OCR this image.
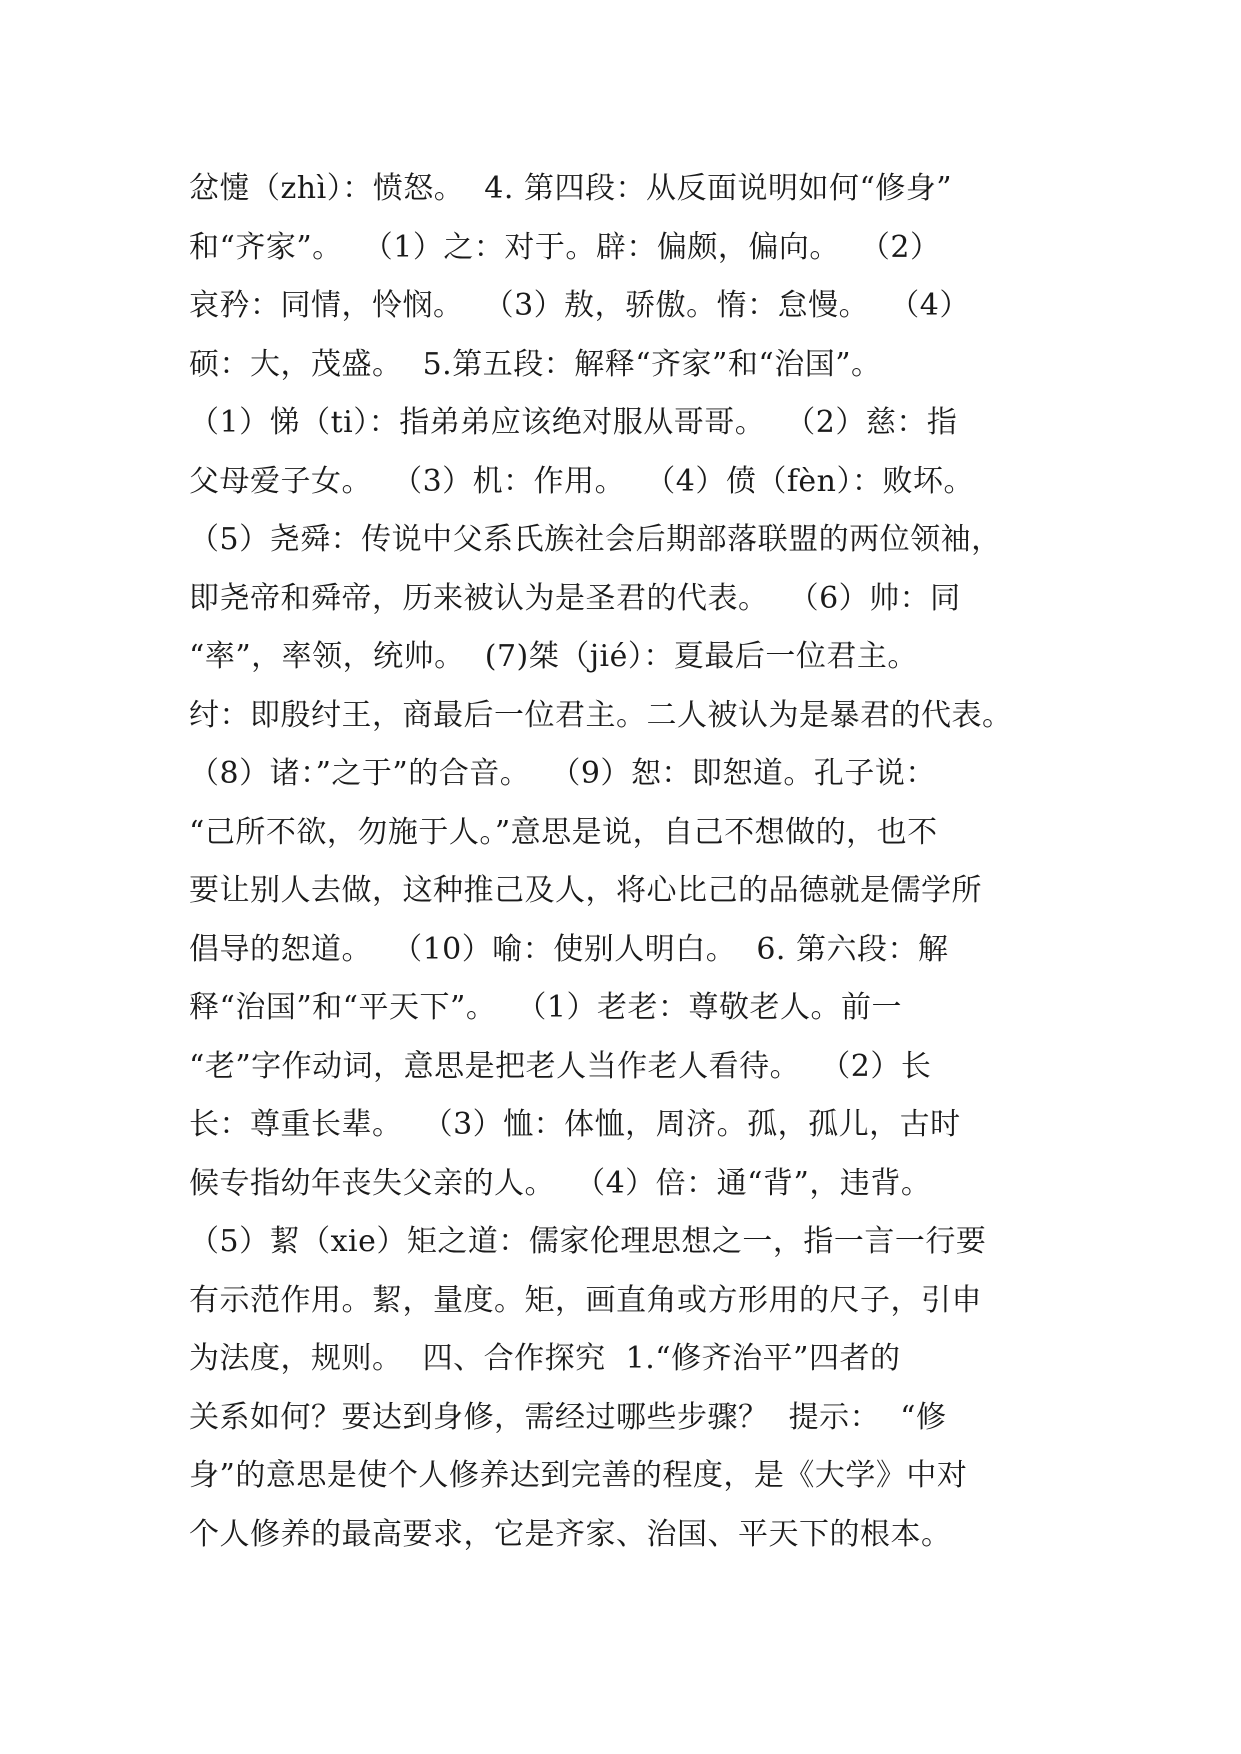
忿懥（zhì）：愤怒。  4. 第四段：从反面说明如何“修身”
和“齐家”。  （1）之：对于。辟：偏颇，偏向。  （2）
哀矜：同情，怜悯。  （3）敖，骄傲。惰：怠慢。  （4）
硕：大，茂盛。  5.第五段：解释“齐家”和“治国”。
（1）悌（ti）：指弟弟应该绝对服从哥哥。  （2）慈：指
父母爱子女。  （3）机：作用。  （4）偾（fèn）：败坏。
（5）尧舜：传说中父系氏族社会后期部落联盟的两位领袖，
即尧帝和舜帝，历来被认为是圣君的代表。  （6）帅：同
“率”，率领，统帅。  (7)桀（jié）：夏最后一位君主。
纣：即殷纣王，商最后一位君主。二人被认为是暴君的代表。
（8）诸：”之于”的合音。  （9）恕：即恕道。孔子说：
“己所不欲，勿施于人。”意思是说，自己不想做的，也不
要让别人去做，这种推己及人，将心比己的品德就是儒学所
倡导的恕道。  （10）喻：使别人明白。  6. 第六段：解
释“治国”和“平天下”。  （1）老老：尊敬老人。前一
“老”字作动词，意思是把老人当作老人看待。  （2）长
长：尊重长辈。  （3）恤：体恤，周济。孤，孤儿，古时
候专指幼年丧失父亲的人。  （4）倍：通“背”，违背。
（5）絜（xie）矩之道：儒家伦理思想之一，指一言一行要
有示范作用。絜，量度。矩，画直角或方形用的尺子，引申
为法度，规则。  四、合作探究  1.“修齐治平”四者的
关系如何？要达到身修，需经过哪些步骤？  提示：  “修
身”的意思是使个人修养达到完善的程度，是《大学》中对
个人修养的最高要求，它是齐家、治国、平天下的根本。
